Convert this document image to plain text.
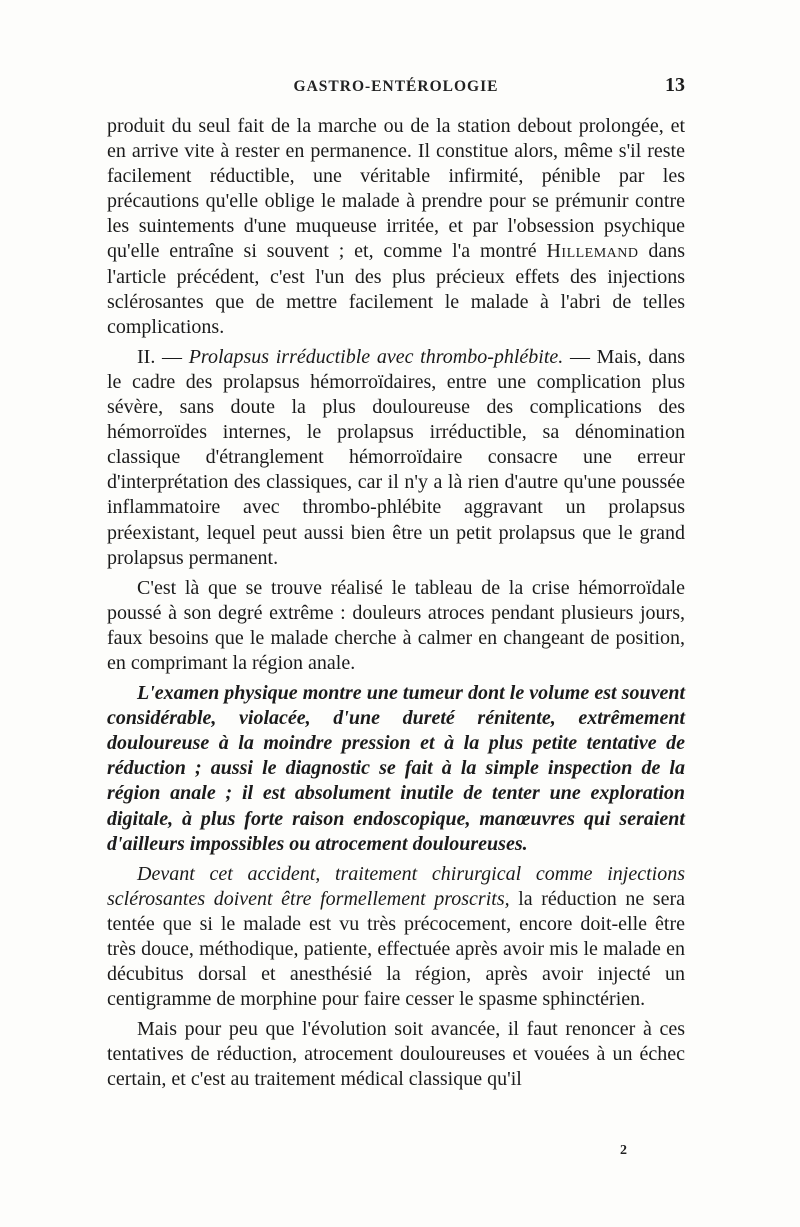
GASTRO-ENTÉROLOGIE	13

produit du seul fait de la marche ou de la station debout prolongée, et en arrive vite à rester en permanence. Il constitue alors, même s'il reste facilement réductible, une véritable infirmité, pénible par les précautions qu'elle oblige le malade à prendre pour se prémunir contre les suintements d'une muqueuse irritée, et par l'obsession psychique qu'elle entraîne si souvent ; et, comme l'a montré Hillemand dans l'article précédent, c'est l'un des plus précieux effets des injections sclérosantes que de mettre facilement le malade à l'abri de telles complications.

II. — Prolapsus irréductible avec thrombo-phlébite. — Mais, dans le cadre des prolapsus hémorroïdaires, entre une complication plus sévère, sans doute la plus douloureuse des complications des hémorroïdes internes, le prolapsus irréductible, sa dénomination classique d'étranglement hémorroïdaire consacre une erreur d'interprétation des classiques, car il n'y a là rien d'autre qu'une poussée inflammatoire avec thrombo-phlébite aggravant un prolapsus préexistant, lequel peut aussi bien être un petit prolapsus que le grand prolapsus permanent.

C'est là que se trouve réalisé le tableau de la crise hémorroïdale poussé à son degré extrême : douleurs atroces pendant plusieurs jours, faux besoins que le malade cherche à calmer en changeant de position, en comprimant la région anale.

L'examen physique montre une tumeur dont le volume est souvent considérable, violacée, d'une dureté rénitente, extrêmement douloureuse à la moindre pression et à la plus petite tentative de réduction ; aussi le diagnostic se fait à la simple inspection de la région anale ; il est absolument inutile de tenter une exploration digitale, à plus forte raison endoscopique, manœuvres qui seraient d'ailleurs impossibles ou atrocement douloureuses.

Devant cet accident, traitement chirurgical comme injections sclérosantes doivent être formellement proscrits, la réduction ne sera tentée que si le malade est vu très précocement, encore doit-elle être très douce, méthodique, patiente, effectuée après avoir mis le malade en décubitus dorsal et anesthésié la région, après avoir injecté un centigramme de morphine pour faire cesser le spasme sphinctérien.

Mais pour peu que l'évolution soit avancée, il faut renoncer à ces tentatives de réduction, atrocement douloureuses et vouées à un échec certain, et c'est au traitement médical classique qu'il

2
